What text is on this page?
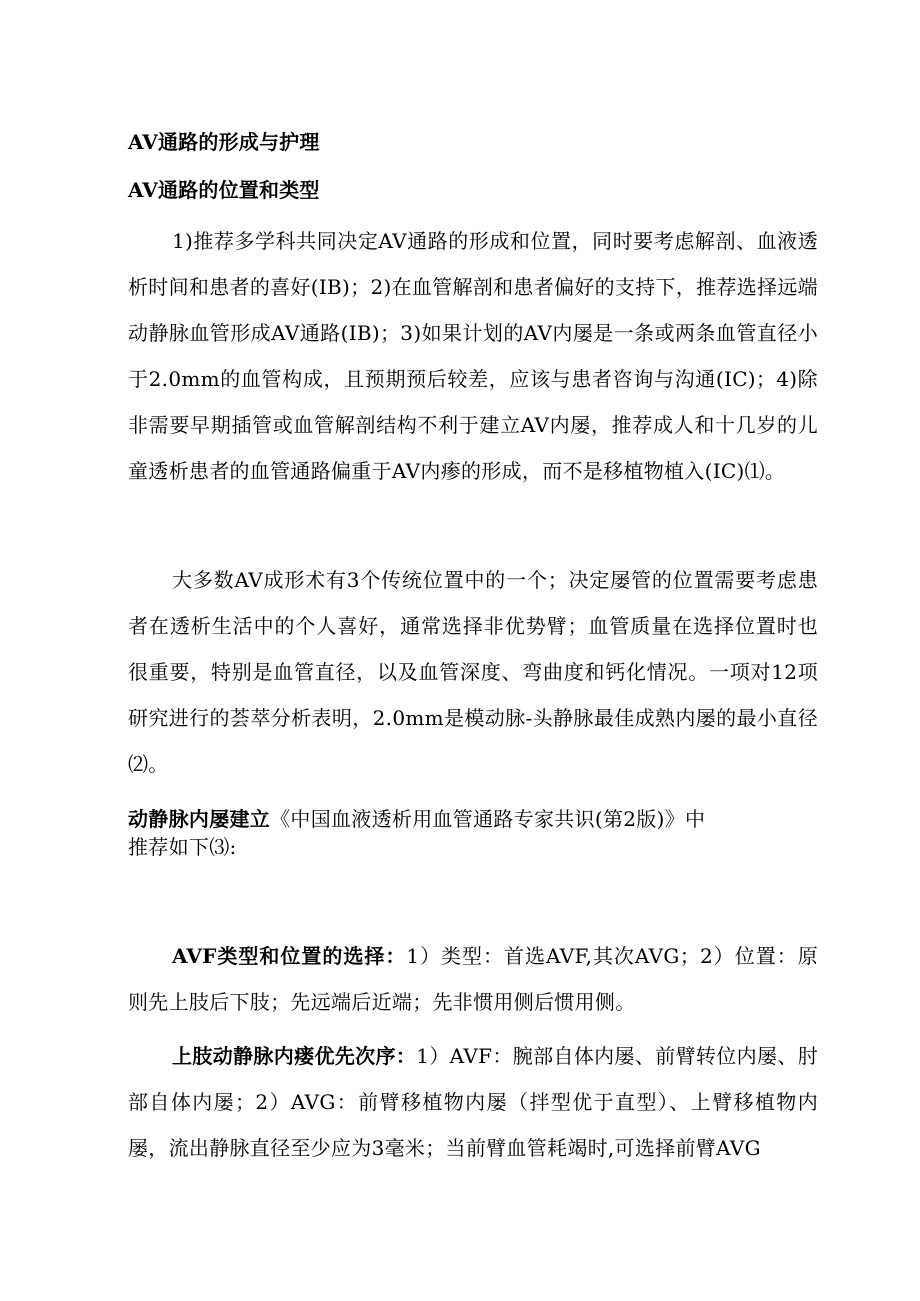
AV通路的形成与护理
AV通路的位置和类型
1)推荐多学科共同决定AV通路的形成和位置，同时要考虑解剖、血液透析时间和患者的喜好(IB)；2)在血管解剖和患者偏好的支持下，推荐选择远端动静脉血管形成AV通路(IB)；3)如果计划的AV内屡是一条或两条血管直径小于2.0mm的血管构成，且预期预后较差，应该与患者咨询与沟通(IC)；4)除非需要早期插管或血管解剖结构不利于建立AV内屡，推荐成人和十几岁的儿童透析患者的血管通路偏重于AV内瘆的形成，而不是移植物植入(IC)⑴。
大多数AV成形术有3个传统位置中的一个；决定屡管的位置需要考虑患者在透析生活中的个人喜好，通常选择非优势臂；血管质量在选择位置时也很重要，特别是血管直径，以及血管深度、弯曲度和钙化情况。一项对12项研究进行的荟萃分析表明，2.0mm是模动脉-头静脉最佳成熟内屡的最小直径⑵。
动静脉内屡建立《中国血液透析用血管通路专家共识(第2版)》中
推荐如下⑶:
AVF类型和位置的选择：1）类型：首选AVF,其次AVG；2）位置：原则先上肢后下肢；先远端后近端；先非惯用侧后惯用侧。
上肢动静脉内瘘优先次序：1）AVF：腕部自体内屡、前臂转位内屡、肘部自体内屡；2）AVG：前臂移植物内屡（拌型优于直型）、上臂移植物内屡，流出静脉直径至少应为3毫米；当前臂血管耗竭时,可选择前臂AVG
